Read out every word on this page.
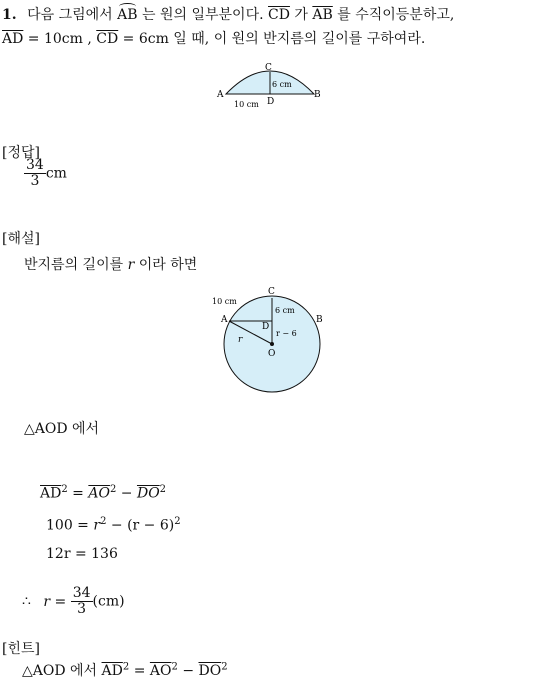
1. 다음 그림에서 AB 는 원의 일부분이다. $\overline{CD}$ 가 $\overline{AB}$ 를 수직이등분하고,
$\overline{AD} = 10cm$ , $\overline{CD} = 6cm$ 일 때, 이 원의 반지름의 길이를 구하여라.
C
A	B
D
10 cm
6 cm
[정답]
$\frac{34}{3}$ cm
[해설]
반지름의 길이를 r 이라 하면
C
A	B
D
O
10 cm
6 cm
r
r − 6
△AOD 에서
$\overline{AD}^2 = \overline{AO}^2 - \overline{DO}^2$
$100 = r^2 - (r - 6)^2$
12r = 136
∴ $r = \frac{34}{3} (cm)$
[힌트]
△AOD 에서 $\overline{AD}^2 = \overline{AO}^2 - \overline{DO}^2$
